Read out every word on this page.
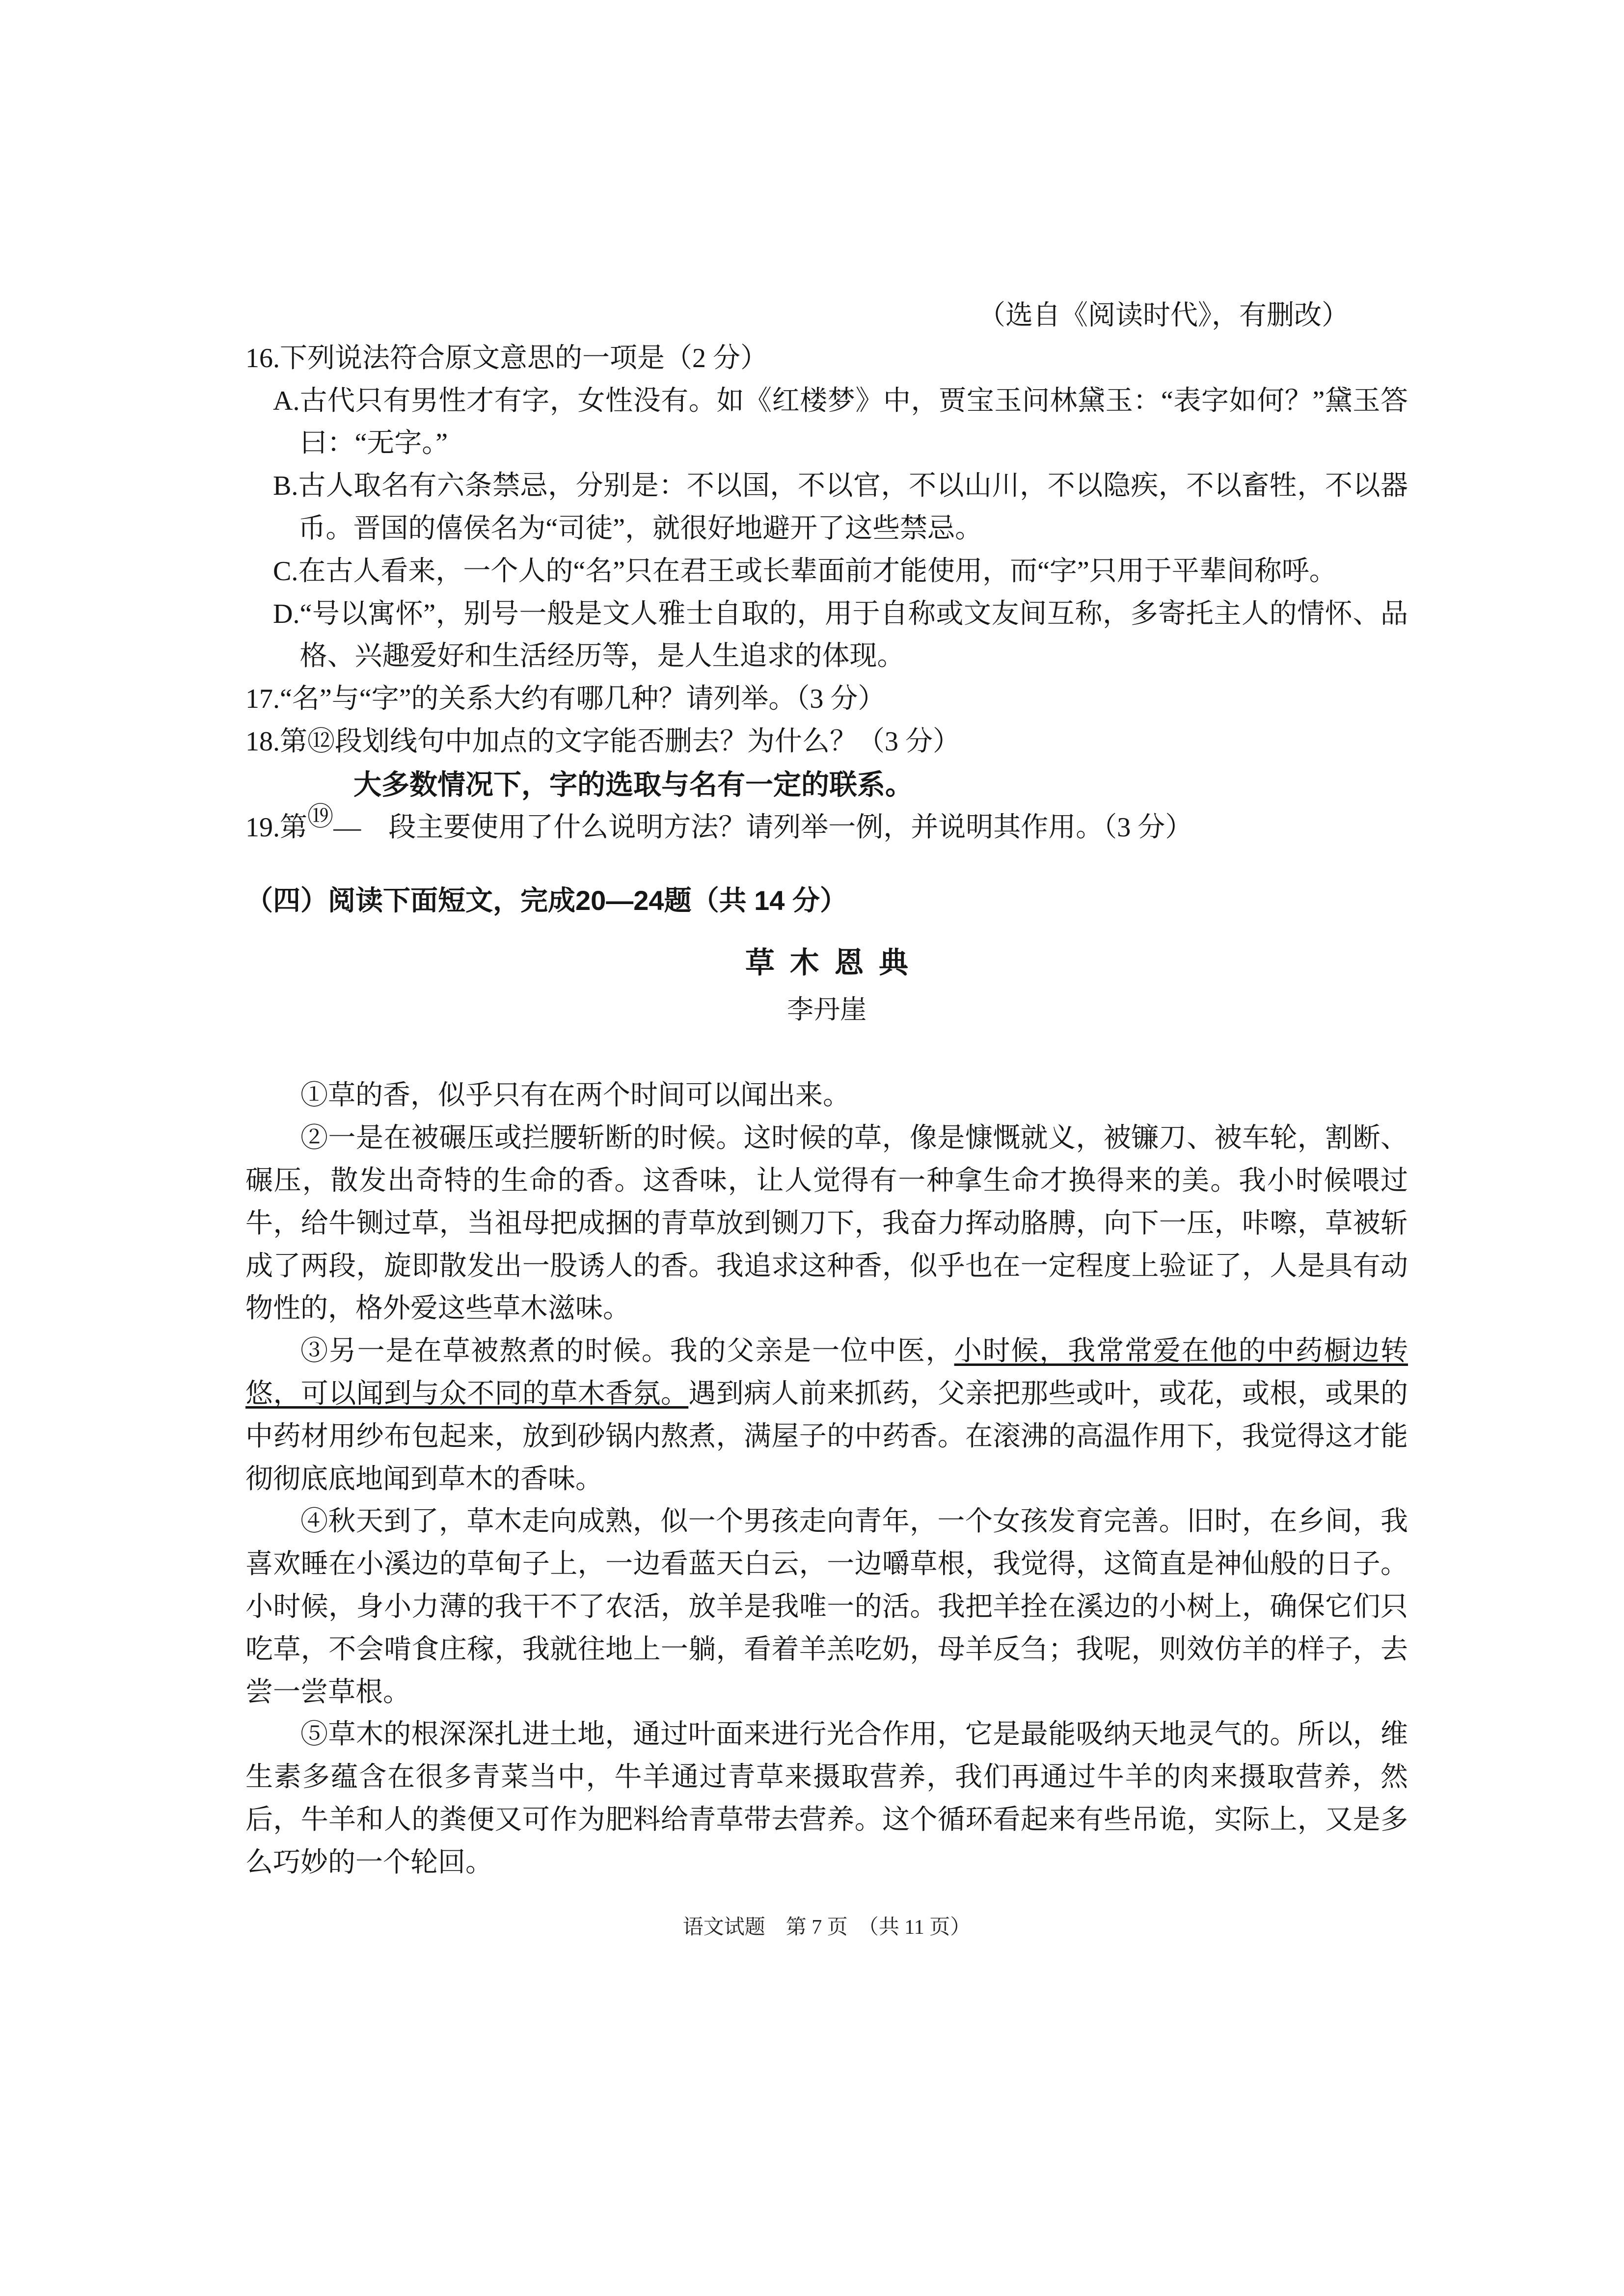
（选自《阅读时代》，有删改）
16.下列说法符合原文意思的一项是（2 分）
A. 古代只有男性才有字，女性没有。如《红楼梦》中，贾宝玉问林黛玉：“表字如何？”黛玉答曰：“无字。”
B. 古人取名有六条禁忌，分别是：不以国，不以官，不以山川，不以隐疾，不以畜牲，不以器币。晋国的僖侯名为“司徒”，就很好地避开了这些禁忌。
C. 在古人看来，一个人的“名”只在君王或长辈面前才能使用，而“字”只用于平辈间称呼。
D. “号以寓怀”，别号一般是文人雅士自取的，用于自称或文友间互称，多寄托主人的情怀、品格、兴趣爱好和生活经历等，是人生追求的体现。
17.“名”与“字”的关系大约有哪几种？请列举。（3 分）
18.第⑫段划线句中加点的文字能否删去？为什么？（3 分）
大多数情况下，字的选取与名有一定的联系。
19.第⑲—　段主要使用了什么说明方法？请列举一例，并说明其作用。（3 分）
（四）阅读下面短文，完成20—24题（共 14 分）
草 木 恩 典
李丹崖

①草的香，似乎只有在两个时间可以闻出来。

②一是在被碾压或拦腰斩断的时候。这时候的草，像是慷慨就义，被镰刀、被车轮，割断、碾压，散发出奇特的生命的香。这香味，让人觉得有一种拿生命才换得来的美。我小时候喂过牛，给牛铡过草，当祖母把成捆的青草放到铡刀下，我奋力挥动胳膊，向下一压，咔嚓，草被斩成了两段，旋即散发出一股诱人的香。我追求这种香，似乎也在一定程度上验证了，人是具有动物性的，格外爱这些草木滋味。

③另一是在草被熬煮的时候。我的父亲是一位中医，小时候，我常常爱在他的中药橱边转悠，可以闻到与众不同的草木香氛。遇到病人前来抓药，父亲把那些或叶，或花，或根，或果的中药材用纱布包起来，放到砂锅内熬煮，满屋子的中药香。在滚沸的高温作用下，我觉得这才能彻彻底底地闻到草木的香味。

④秋天到了，草木走向成熟，似一个男孩走向青年，一个女孩发育完善。旧时，在乡间，我喜欢睡在小溪边的草甸子上，一边看蓝天白云，一边嚼草根，我觉得，这简直是神仙般的日子。小时候，身小力薄的我干不了农活，放羊是我唯一的活。我把羊拴在溪边的小树上，确保它们只吃草，不会啃食庄稼，我就往地上一躺，看着羊羔吃奶，母羊反刍；我呢，则效仿羊的样子，去尝一尝草根。

⑤草木的根深深扎进土地，通过叶面来进行光合作用，它是最能吸纳天地灵气的。所以，维生素多蕴含在很多青菜当中，牛羊通过青草来摄取营养，我们再通过牛羊的肉来摄取营养，然后，牛羊和人的粪便又可作为肥料给青草带去营养。这个循环看起来有些吊诡，实际上，又是多么巧妙的一个轮回。

语文试题　第 7 页　（共 11 页）
